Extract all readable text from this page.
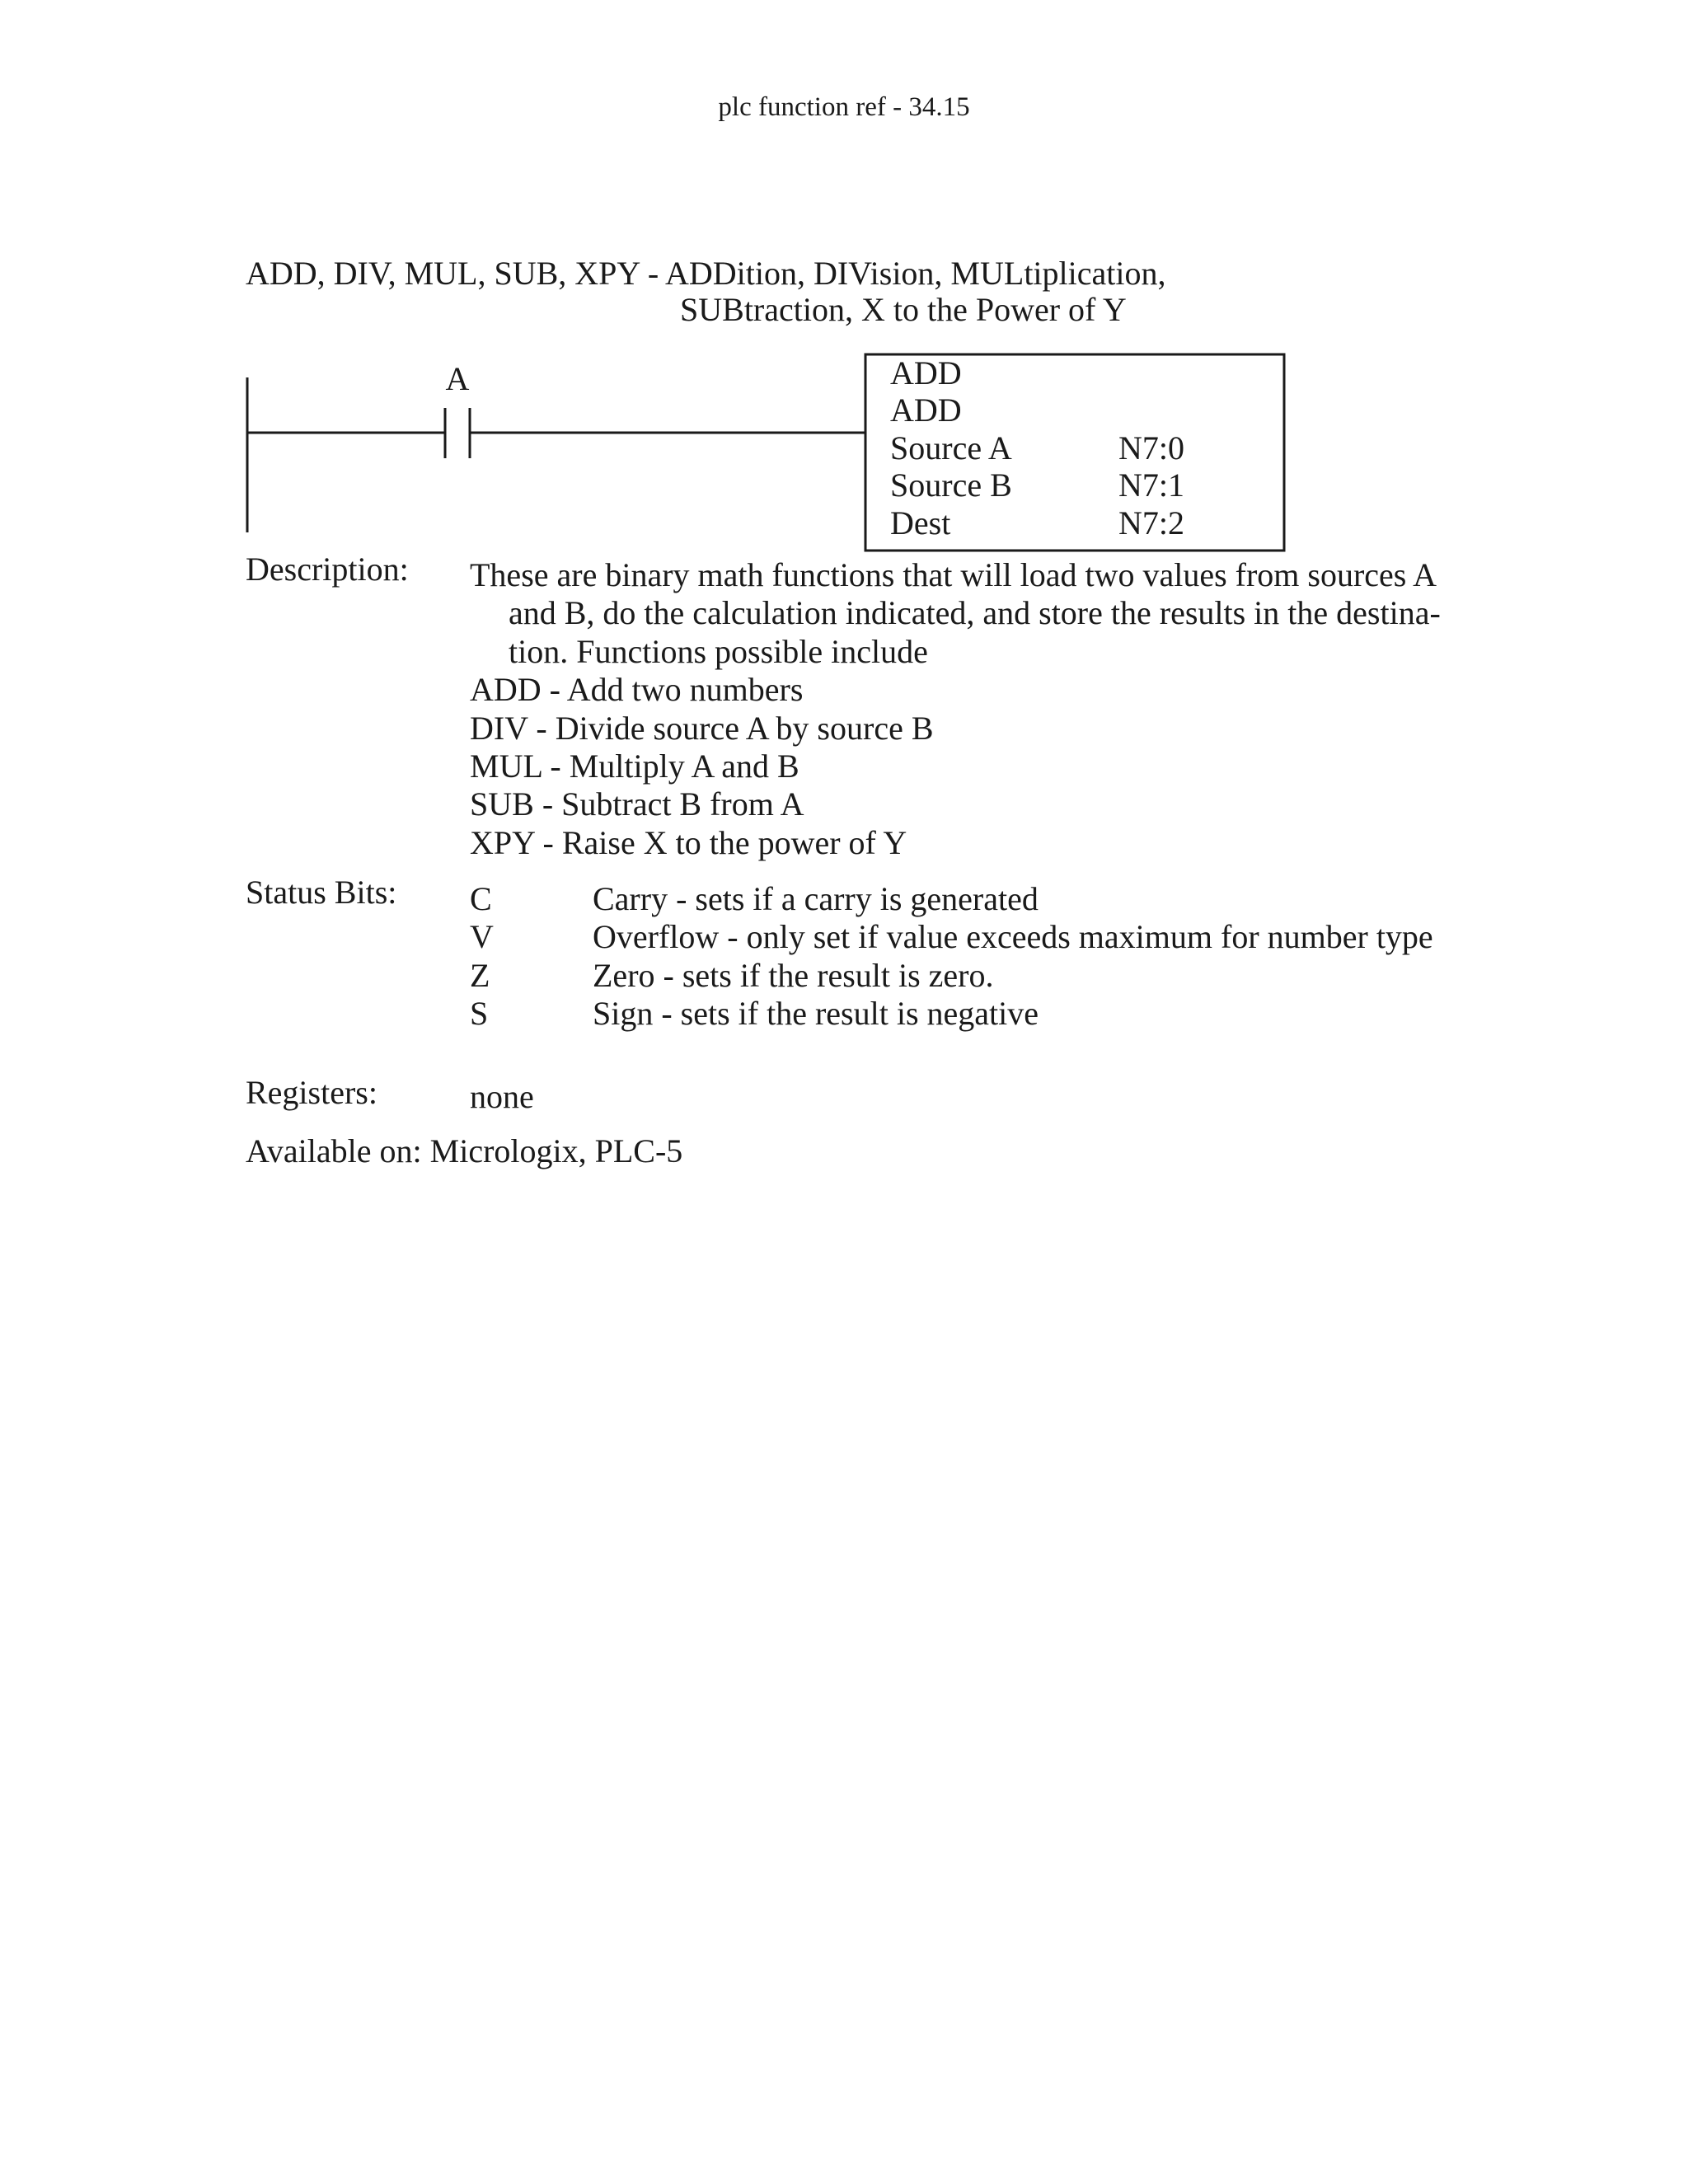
plc function ref - 34.15
ADD, DIV, MUL, SUB, XPY - ADDition, DIVision, MULtiplication,
SUBtraction, X to the Power of Y
A	ADD
ADD
Source A	N7:0
Source B	N7:1
Dest	N7:2
Description: These are binary math functions that will load two values from sources A
and B, do the calculation indicated, and store the results in the destina-
tion. Functions possible include
ADD - Add two numbers
DIV - Divide source A by source B
MUL - Multiply A and B
SUB - Subtract B from A
XPY - Raise X to the power of Y
Status Bits: C	Carry - sets if a carry is generated
V	Overflow - only set if value exceeds maximum for number type
Z	Zero - sets if the result is zero.
S	Sign - sets if the result is negative
Registers:	none
Available on: Micrologix, PLC-5
